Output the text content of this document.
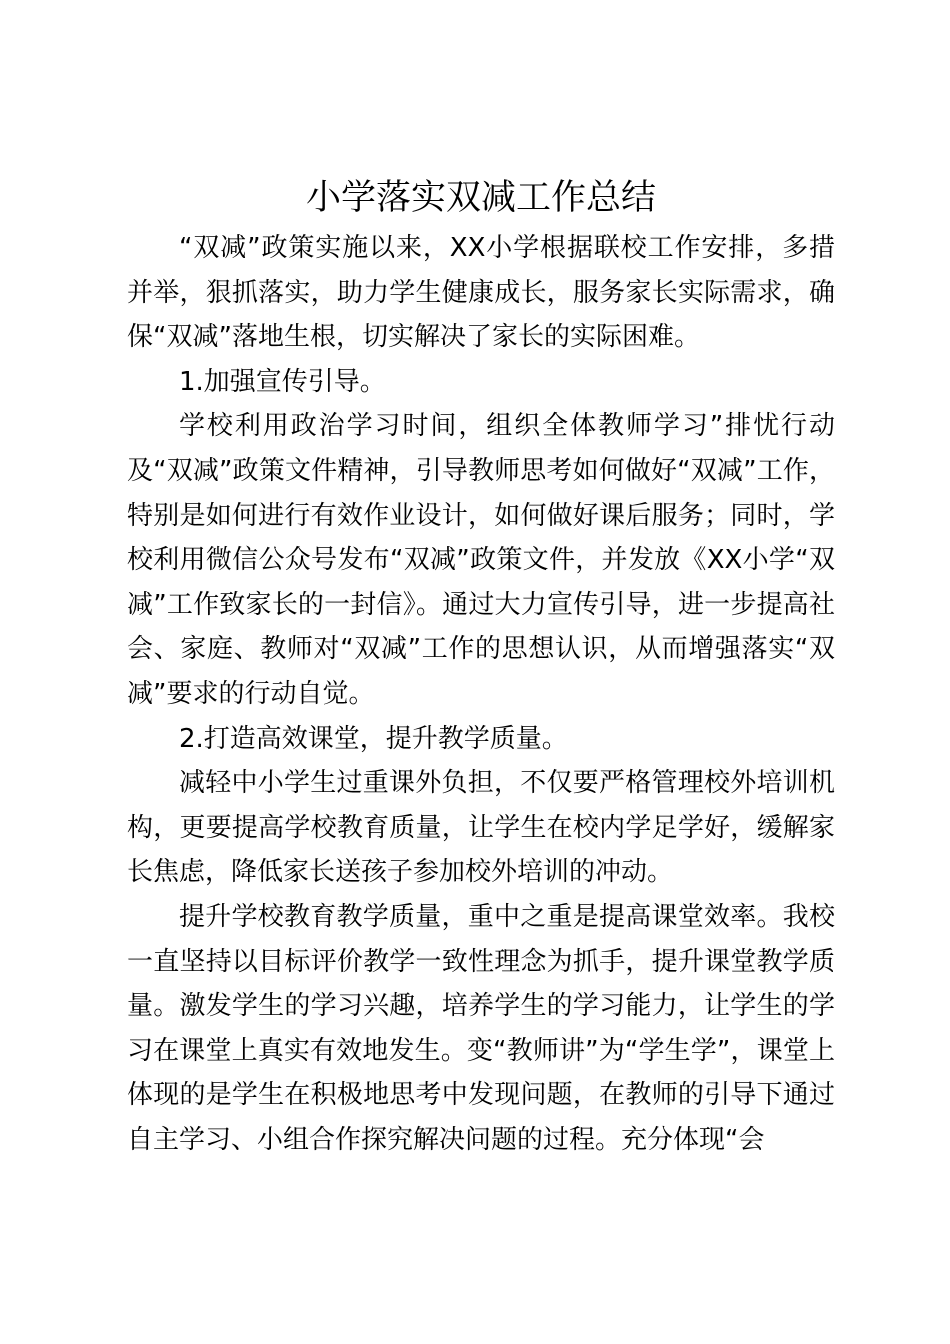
小学落实双减工作总结

“双减”政策实施以来，XX小学根据联校工作安排，多措并举，狠抓落实，助力学生健康成长，服务家长实际需求，确保“双减”落地生根，切实解决了家长的实际困难。

1.加强宣传引导。

学校利用政治学习时间，组织全体教师学习”排忧行动及“双减”政策文件精神，引导教师思考如何做好“双减”工作，特别是如何进行有效作业设计，如何做好课后服务；同时，学校利用微信公众号发布“双减”政策文件，并发放《XX小学“双减”工作致家长的一封信》。通过大力宣传引导，进一步提高社会、家庭、教师对“双减”工作的思想认识，从而增强落实“双减”要求的行动自觉。

2.打造高效课堂，提升教学质量。

减轻中小学生过重课外负担，不仅要严格管理校外培训机构，更要提高学校教育质量，让学生在校内学足学好，缓解家长焦虑，降低家长送孩子参加校外培训的冲动。

提升学校教育教学质量，重中之重是提高课堂效率。我校一直坚持以目标评价教学一致性理念为抓手，提升课堂教学质量。激发学生的学习兴趣，培养学生的学习能力，让学生的学习在课堂上真实有效地发生。变“教师讲”为“学生学”，课堂上体现的是学生在积极地思考中发现问题，在教师的引导下通过自主学习、小组合作探究解决问题的过程。充分体现“会
